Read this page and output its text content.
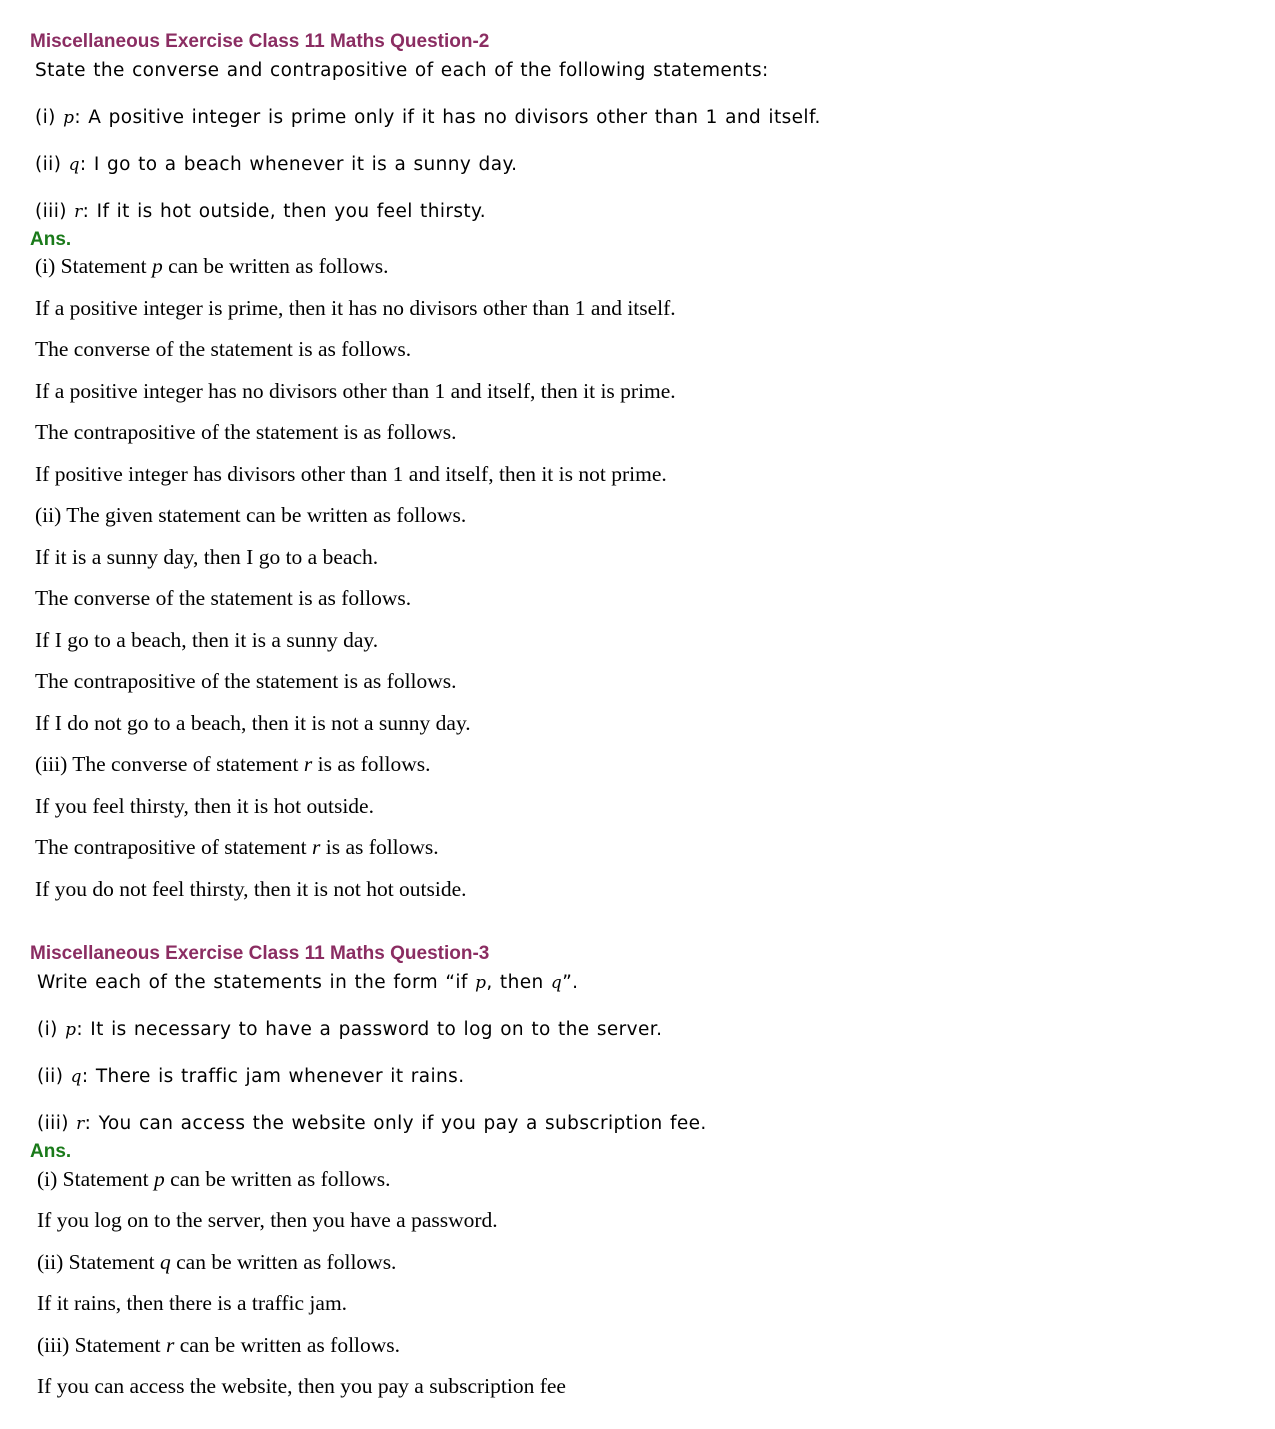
Miscellaneous Exercise Class 11 Maths Question-2
State the converse and contrapositive of each of the following statements:
(i) p: A positive integer is prime only if it has no divisors other than 1 and itself.
(ii) q: I go to a beach whenever it is a sunny day.
(iii) r: If it is hot outside, then you feel thirsty.
Ans.
(i) Statement p can be written as follows.
If a positive integer is prime, then it has no divisors other than 1 and itself.
The converse of the statement is as follows.
If a positive integer has no divisors other than 1 and itself, then it is prime.
The contrapositive of the statement is as follows.
If positive integer has divisors other than 1 and itself, then it is not prime.
(ii) The given statement can be written as follows.
If it is a sunny day, then I go to a beach.
The converse of the statement is as follows.
If I go to a beach, then it is a sunny day.
The contrapositive of the statement is as follows.
If I do not go to a beach, then it is not a sunny day.
(iii) The converse of statement r is as follows.
If you feel thirsty, then it is hot outside.
The contrapositive of statement r is as follows.
If you do not feel thirsty, then it is not hot outside.
Miscellaneous Exercise Class 11 Maths Question-3
Write each of the statements in the form “if p, then q”.
(i) p: It is necessary to have a password to log on to the server.
(ii) q: There is traffic jam whenever it rains.
(iii) r: You can access the website only if you pay a subscription fee.
Ans.
(i) Statement p can be written as follows.
If you log on to the server, then you have a password.
(ii) Statement q can be written as follows.
If it rains, then there is a traffic jam.
(iii) Statement r can be written as follows.
If you can access the website, then you pay a subscription fee
